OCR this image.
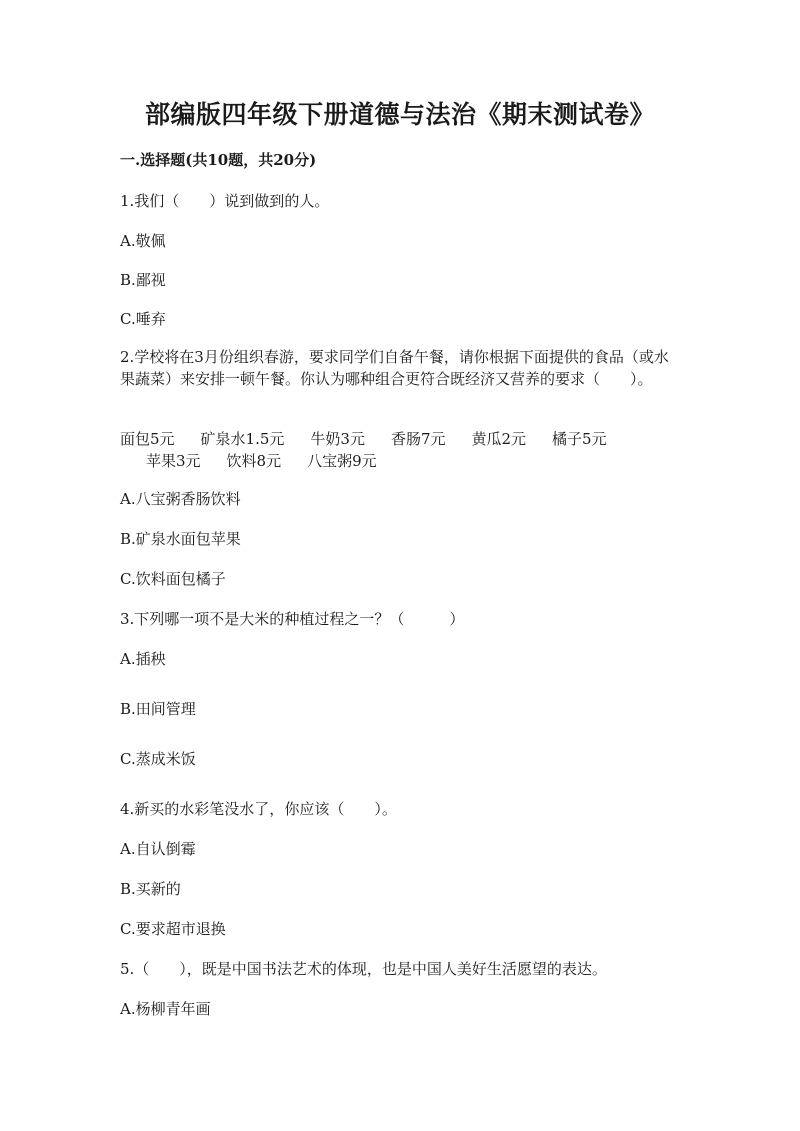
部编版四年级下册道德与法治《期末测试卷》
一.选择题(共10题，共20分)
1.我们（　　）说到做到的人。
A.敬佩
B.鄙视
C.唾弃
2.学校将在3月份组织春游，要求同学们自备午餐，请你根据下面提供的食品（或水果蔬菜）来安排一顿午餐。你认为哪种组合更符合既经济又营养的要求（　　）。
面包5元 矿泉水1.5元 牛奶3元 香肠7元 黄瓜2元 橘子5元
苹果3元 饮料8元 八宝粥9元
A.八宝粥香肠饮料
B.矿泉水面包苹果
C.饮料面包橘子
3.下列哪一项不是大米的种植过程之一？（　　　）
A.插秧
B.田间管理
C.蒸成米饭
4.新买的水彩笔没水了，你应该（　　）。
A.自认倒霉
B.买新的
C.要求超市退换
5.（　　），既是中国书法艺术的体现，也是中国人美好生活愿望的表达。
A.杨柳青年画
